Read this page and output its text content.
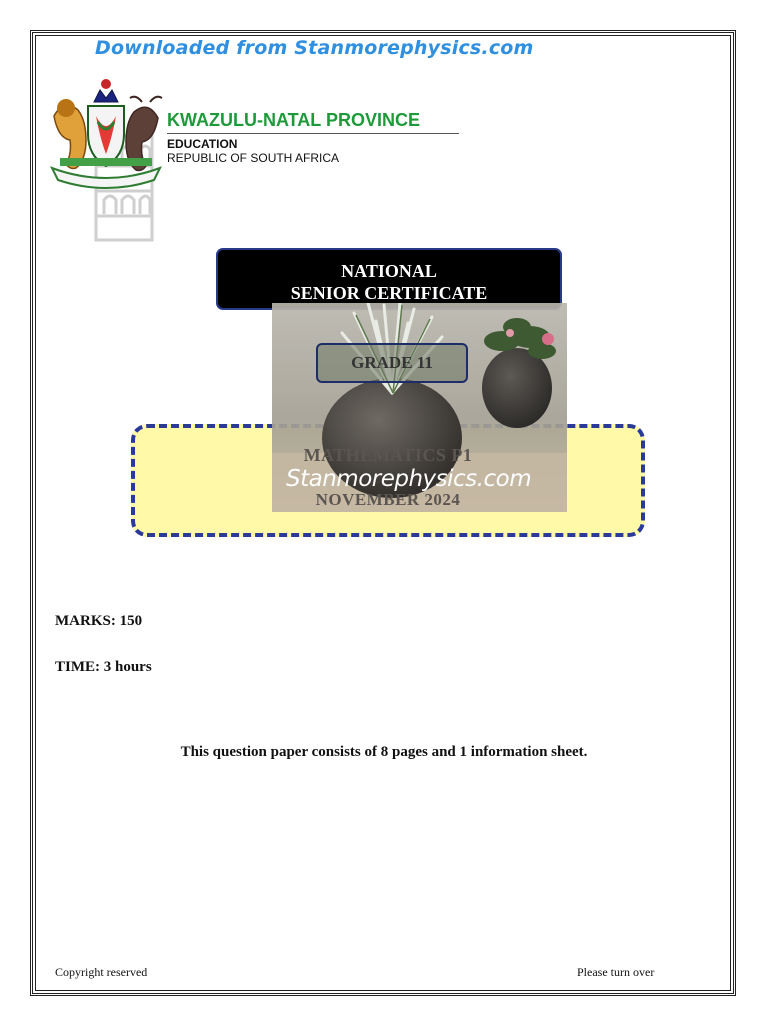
Downloaded from Stanmorephysics.com
KWAZULU-NATAL PROVINCE
EDUCATION
REPUBLIC OF SOUTH AFRICA
NATIONAL
SENIOR CERTIFICATE
GRADE 11
MATHEMATICS P1
Stanmorephysics.com
NOVEMBER 2024
MARKS: 150
TIME: 3 hours
This question paper consists of 8 pages and 1 information sheet.
Copyright reserved	Please turn over
